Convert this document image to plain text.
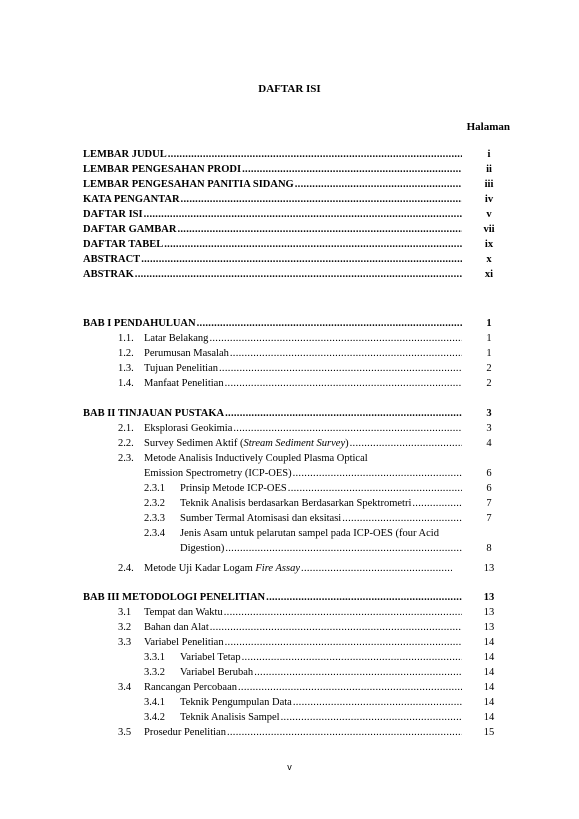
DAFTAR ISI
Halaman
LEMBAR JUDUL .....	i
LEMBAR PENGESAHAN PRODI .....	ii
LEMBAR PENGESAHAN PANITIA SIDANG .....	iii
KATA PENGANTAR .....	iv
DAFTAR ISI .....	v
DAFTAR GAMBAR .....	vii
DAFTAR TABEL .....	ix
ABSTRACT .....	x
ABSTRAK .....	xi
BAB I PENDAHULUAN .....	1
1.1. Latar Belakang .....	1
1.2. Perumusan Masalah .....	1
1.3. Tujuan Penelitian .....	2
1.4. Manfaat Penelitian .....	2
BAB II TINJAUAN PUSTAKA .....	3
2.1. Eksplorasi Geokimia .....	3
2.2. Survey Sedimen Aktif (Stream Sediment Survey) .....	4
2.3. Metode Analisis Inductively Coupled Plasma Optical
Emission Spectrometry (ICP-OES) .....	6
2.3.1	Prinsip Metode ICP-OES .....	6
2.3.2	Teknik Analisis berdasarkan Berdasarkan Spektrometri .....	7
2.3.3	Sumber Termal Atomisasi dan eksitasi .....	7
2.3.4 Jenis Asam untuk pelarutan sampel pada ICP-OES (four Acid
Digestion) .....	8
2.4. Metode Uji Kadar Logam Fire Assay .....	13
BAB III METODOLOGI PENELITIAN .....	13
3.1	Tempat dan Waktu .....	13
3.2	Bahan dan Alat .....	13
3.3	Variabel Penelitian .....	14
3.3.1	Variabel Tetap .....	14
3.3.2	Variabel Berubah .....	14
3.4	Rancangan Percobaan .....	14
3.4.1	Teknik Pengumpulan Data .....	14
3.4.2	Teknik Analisis Sampel .....	14
3.5	Prosedur Penelitian .....	15
v
